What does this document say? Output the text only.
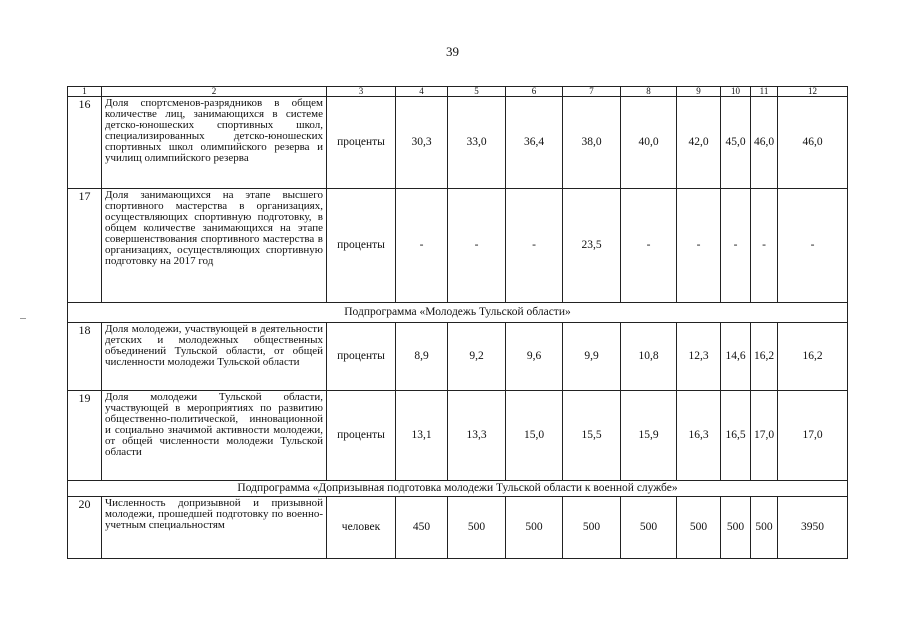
39
1	2	3	4	5	6	7	8	9	10	11	12
16	Доля спортсменов-разрядников в общем количестве лиц, занимающихся в системе детско-юношеских спортивных школ, специализированных детско-юношеских спортивных школ олимпийского резерва и училищ олимпийского резерва	проценты	30,3	33,0	36,4	38,0	40,0	42,0	45,0	46,0	46,0
17	Доля занимающихся на этапе высшего спортивного мастерства в организациях, осуществляющих спортивную подготовку, в общем количестве занимающихся на этапе совершенствования спортивного мастерства в организациях, осуществляющих спортивную подготовку на 2017 год	проценты	-	-	-	23,5	-	-	-	-	-
Подпрограмма «Молодежь Тульской области»											
18	Доля молодежи, участвующей в деятельности детских и молодежных общественных объединений Тульской области, от общей численности молодежи Тульской области	проценты	8,9	9,2	9,6	9,9	10,8	12,3	14,6	16,2	16,2
19	Доля молодежи Тульской области, участвующей в мероприятиях по развитию общественно-политической, инновационной и социально значимой активности молодежи, от общей численности молодежи Тульской области	проценты	13,1	13,3	15,0	15,5	15,9	16,3	16,5	17,0	17,0
Подпрограмма «Допризывная подготовка молодежи Тульской области к военной службе»											
20	Численность допризывной и призывной молодежи, прошедшей подготовку по военно-учетным специальностям	человек	450	500	500	500	500	500	500	500	3950
